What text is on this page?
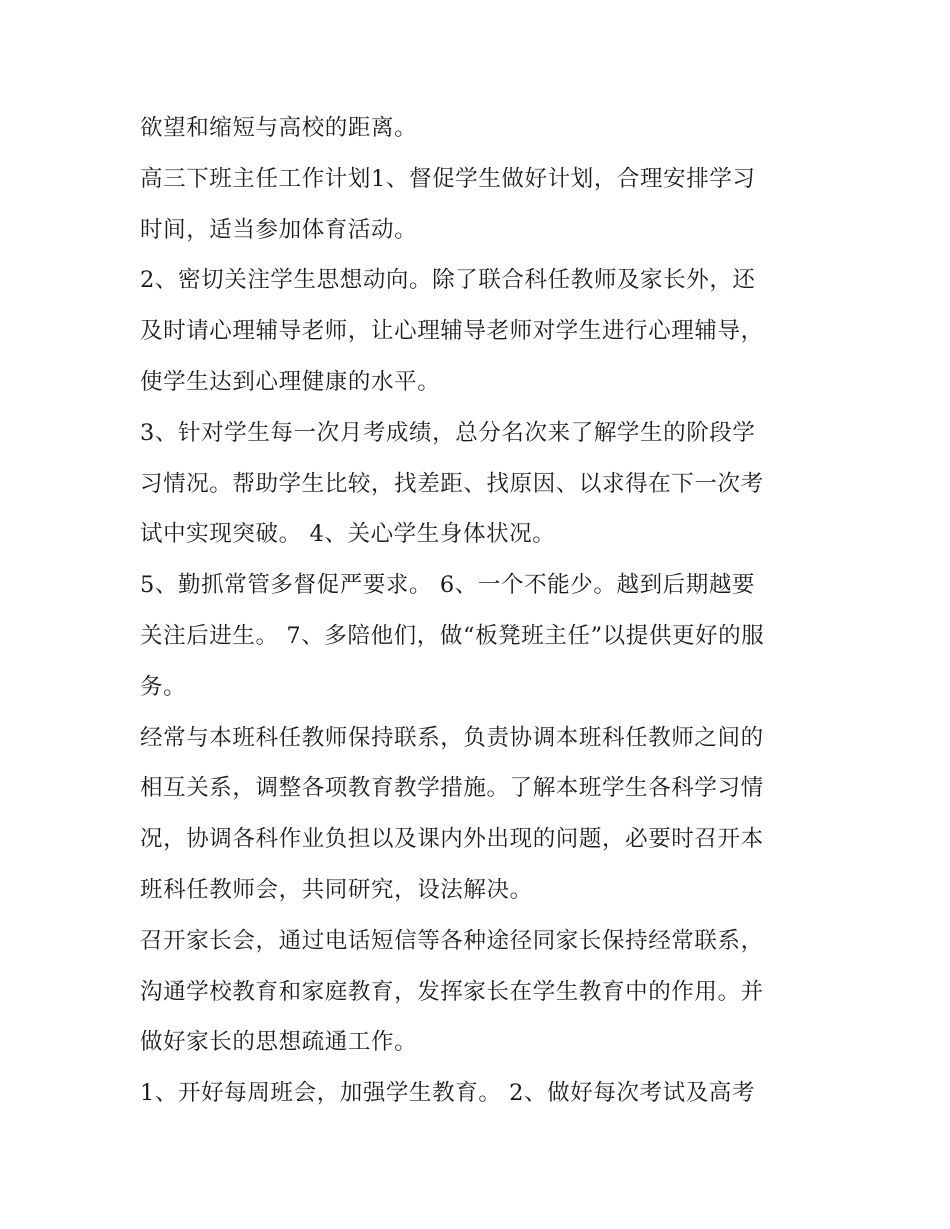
欲望和缩短与高校的距离。

高三下班主任工作计划1、督促学生做好计划，合理安排学习

时间，适当参加体育活动。

2、密切关注学生思想动向。除了联合科任教师及家长外，还

及时请心理辅导老师，让心理辅导老师对学生进行心理辅导，

使学生达到心理健康的水平。

3、针对学生每一次月考成绩，总分名次来了解学生的阶段学

习情况。帮助学生比较，找差距、找原因、以求得在下一次考

试中实现突破。 4、关心学生身体状况。

5、勤抓常管多督促严要求。 6、一个不能少。越到后期越要

关注后进生。 7、多陪他们，做“板凳班主任”以提供更好的服

务。

经常与本班科任教师保持联系，负责协调本班科任教师之间的

相互关系，调整各项教育教学措施。了解本班学生各科学习情

况，协调各科作业负担以及课内外出现的问题，必要时召开本

班科任教师会，共同研究，设法解决。

召开家长会，通过电话短信等各种途径同家长保持经常联系，

沟通学校教育和家庭教育，发挥家长在学生教育中的作用。并

做好家长的思想疏通工作。

1、开好每周班会，加强学生教育。 2、做好每次考试及高考
